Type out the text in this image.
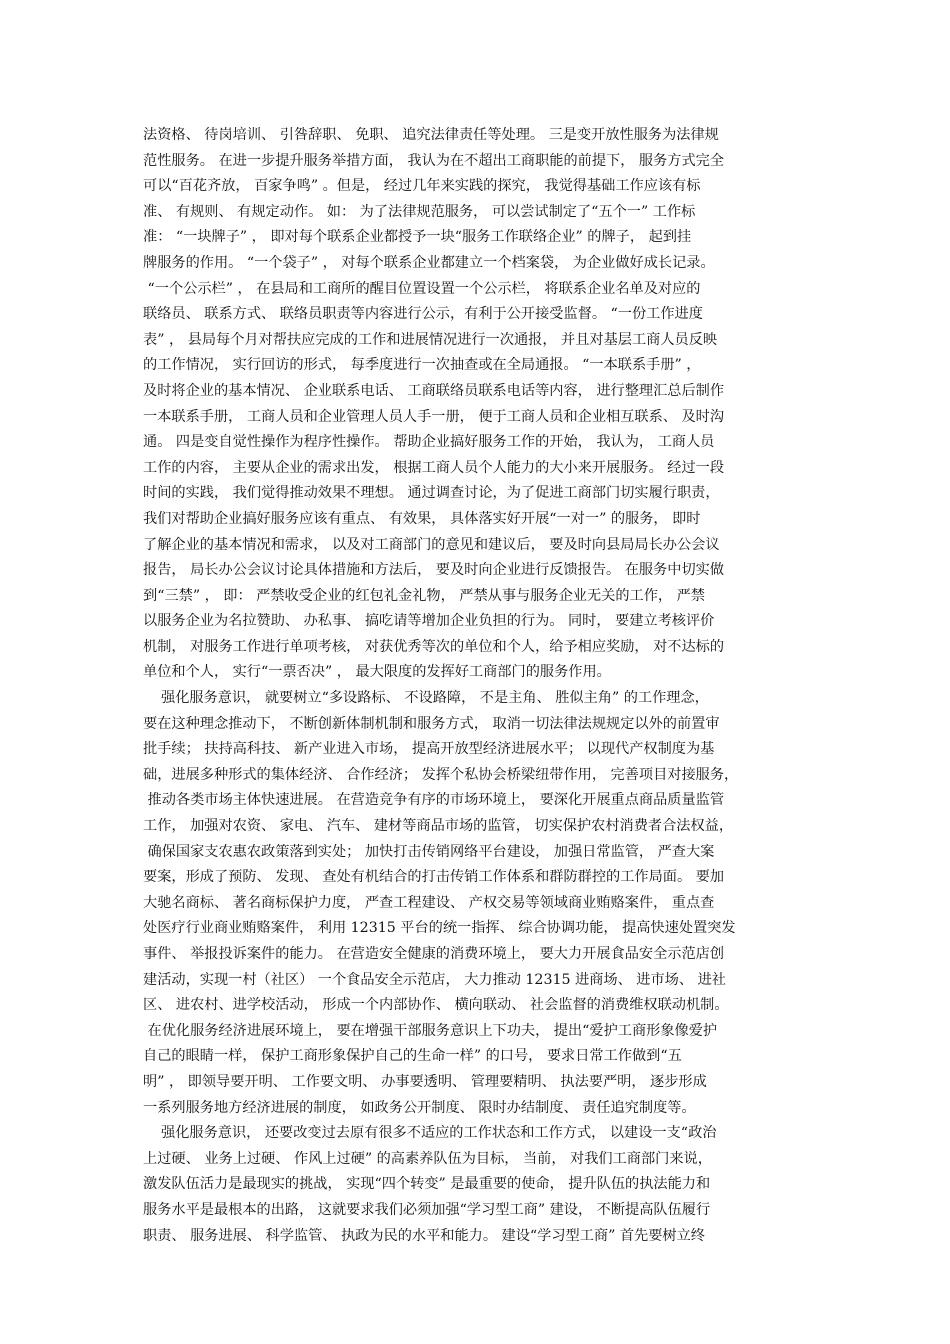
法资格、 待岗培训、 引咎辞职、 免职、 追究法律责任等处理。 三是变开放性服务为法律规
范性服务。 在进一步提升服务举措方面， 我认为在不超出工商职能的前提下， 服务方式完全
可以“百花齐放， 百家争鸣” 。但是， 经过几年来实践的探究， 我觉得基础工作应该有标
准、 有规则、 有规定动作。 如： 为了法律规范服务， 可以尝试制定了“五个一” 工作标
准： “一块牌子” ， 即对每个联系企业都授予一块“服务工作联络企业” 的牌子， 起到挂
牌服务的作用。 “一个袋子” ， 对每个联系企业都建立一个档案袋， 为企业做好成长记录。
“一个公示栏” ， 在县局和工商所的醒目位置设置一个公示栏， 将联系企业名单及对应的
联络员、 联系方式、 联络员职责等内容进行公示，有利于公开接受监督。 “一份工作进度
表” ， 县局每个月对帮扶应完成的工作和进展情况进行一次通报， 并且对基层工商人员反映
的工作情况， 实行回访的形式， 每季度进行一次抽查或在全局通报。 “一本联系手册” ，
及时将企业的基本情况、 企业联系电话、 工商联络员联系电话等内容， 进行整理汇总后制作
一本联系手册， 工商人员和企业管理人员人手一册， 便于工商人员和企业相互联系、 及时沟
通。 四是变自觉性操作为程序性操作。 帮助企业搞好服务工作的开始， 我认为， 工商人员
工作的内容， 主要从企业的需求出发， 根据工商人员个人能力的大小来开展服务。 经过一段
时间的实践， 我们觉得推动效果不理想。 通过调查讨论，为了促进工商部门切实履行职责，
我们对帮助企业搞好服务应该有重点、 有效果， 具体落实好开展“一对一” 的服务， 即时
了解企业的基本情况和需求， 以及对工商部门的意见和建议后， 要及时向县局局长办公会议
报告， 局长办公会议讨论具体措施和方法后， 要及时向企业进行反馈报告。 在服务中切实做
到“三禁” ， 即： 严禁收受企业的红包礼金礼物， 严禁从事与服务企业无关的工作， 严禁
以服务企业为名拉赞助、 办私事、 搞吃请等增加企业负担的行为。 同时， 要建立考核评价
机制， 对服务工作进行单项考核， 对获优秀等次的单位和个人，给予相应奖励， 对不达标的
单位和个人， 实行“一票否决” ， 最大限度的发挥好工商部门的服务作用。
强化服务意识， 就要树立“多设路标、 不设路障， 不是主角、 胜似主角” 的工作理念，
要在这种理念推动下， 不断创新体制机制和服务方式， 取消一切法律法规规定以外的前置审
批手续； 扶持高科技、 新产业进入市场， 提高开放型经济进展水平； 以现代产权制度为基
础，进展多种形式的集体经济、 合作经济； 发挥个私协会桥梁纽带作用， 完善项目对接服务，
推动各类市场主体快速进展。 在营造竞争有序的市场环境上， 要深化开展重点商品质量监管
工作， 加强对农资、 家电、 汽车、 建材等商品市场的监管， 切实保护农村消费者合法权益，
确保国家支农惠农政策落到实处； 加快打击传销网络平台建设， 加强日常监管， 严查大案
要案，形成了预防、 发现、 查处有机结合的打击传销工作体系和群防群控的工作局面。 要加
大驰名商标、 著名商标保护力度， 严查工程建设、 产权交易等领域商业贿赂案件， 重点查
处医疗行业商业贿赂案件， 利用 12315 平台的统一指挥、 综合协调功能， 提高快速处置突发
事件、 举报投诉案件的能力。 在营造安全健康的消费环境上， 要大力开展食品安全示范店创
建活动，实现一村（社区） 一个食品安全示范店， 大力推动 12315 进商场、 进市场、 进社
区、 进农村、进学校活动， 形成一个内部协作、 横向联动、 社会监督的消费维权联动机制。
在优化服务经济进展环境上， 要在增强干部服务意识上下功夫， 提出“爱护工商形象像爱护
自己的眼睛一样， 保护工商形象保护自己的生命一样” 的口号， 要求日常工作做到“五
明” ， 即领导要开明、 工作要文明、 办事要透明、 管理要精明、 执法要严明， 逐步形成
一系列服务地方经济进展的制度， 如政务公开制度、 限时办结制度、 责任追究制度等。
强化服务意识， 还要改变过去原有很多不适应的工作状态和工作方式， 以建设一支“政治
上过硬、 业务上过硬、 作风上过硬” 的高素养队伍为目标， 当前， 对我们工商部门来说，
激发队伍活力是最现实的挑战， 实现“四个转变” 是最重要的使命， 提升队伍的执法能力和
服务水平是最根本的出路， 这就要求我们必须加强“学习型工商” 建设， 不断提高队伍履行
职责、 服务进展、 科学监管、 执政为民的水平和能力。 建设“学习型工商” 首先要树立终
